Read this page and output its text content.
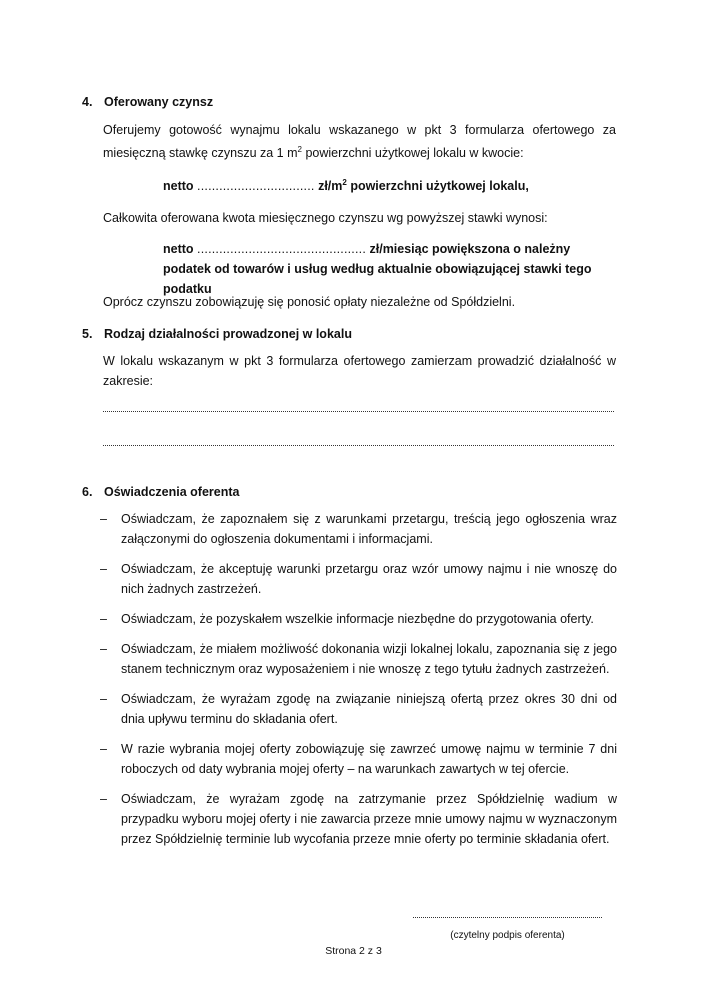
4. Oferowany czynsz
Oferujemy gotowość wynajmu lokalu wskazanego w pkt 3 formularza ofertowego za miesięczną stawkę czynszu za 1 $m^2$ powierzchni użytkowej lokalu w kwocie:
netto ................................ $zł/m^2$ powierzchni użytkowej lokalu,
Całkowita oferowana kwota miesięcznego czynszu wg powyższej stawki wynosi:
netto .............................................. zł/miesiąc powiększona o należny podatek od towarów i usług według aktualnie obowiązującej stawki tego podatku
Oprócz czynszu zobowiązuję się ponosić opłaty niezależne od Spółdzielni.
5. Rodzaj działalności prowadzonej w lokalu
W lokalu wskazanym w pkt 3 formularza ofertowego zamierzam prowadzić działalność w zakresie:
6. Oświadczenia oferenta
– Oświadczam, że zapoznałem się z warunkami przetargu, treścią jego ogłoszenia wraz załączonymi do ogłoszenia dokumentami i informacjami.
– Oświadczam, że akceptuję warunki przetargu oraz wzór umowy najmu i nie wnoszę do nich żadnych zastrzeżeń.
– Oświadczam, że pozyskałem wszelkie informacje niezbędne do przygotowania oferty.
– Oświadczam, że miałem możliwość dokonania wizji lokalnej lokalu, zapoznania się z jego stanem technicznym oraz wyposażeniem i nie wnoszę z tego tytułu żadnych zastrzeżeń.
– Oświadczam, że wyrażam zgodę na związanie niniejszą ofertą przez okres 30 dni od dnia upływu terminu do składania ofert.
– W razie wybrania mojej oferty zobowiązuję się zawrzeć umowę najmu w terminie 7 dni roboczych od daty wybrania mojej oferty – na warunkach zawartych w tej ofercie.
– Oświadczam, że wyrażam zgodę na zatrzymanie przez Spółdzielnię wadium w przypadku wyboru mojej oferty i nie zawarcia przeze mnie umowy najmu w wyznaczonym przez Spółdzielnię terminie lub wycofania przeze mnie oferty po terminie składania ofert.
(czytelny podpis oferenta)
Strona 2 z 3
